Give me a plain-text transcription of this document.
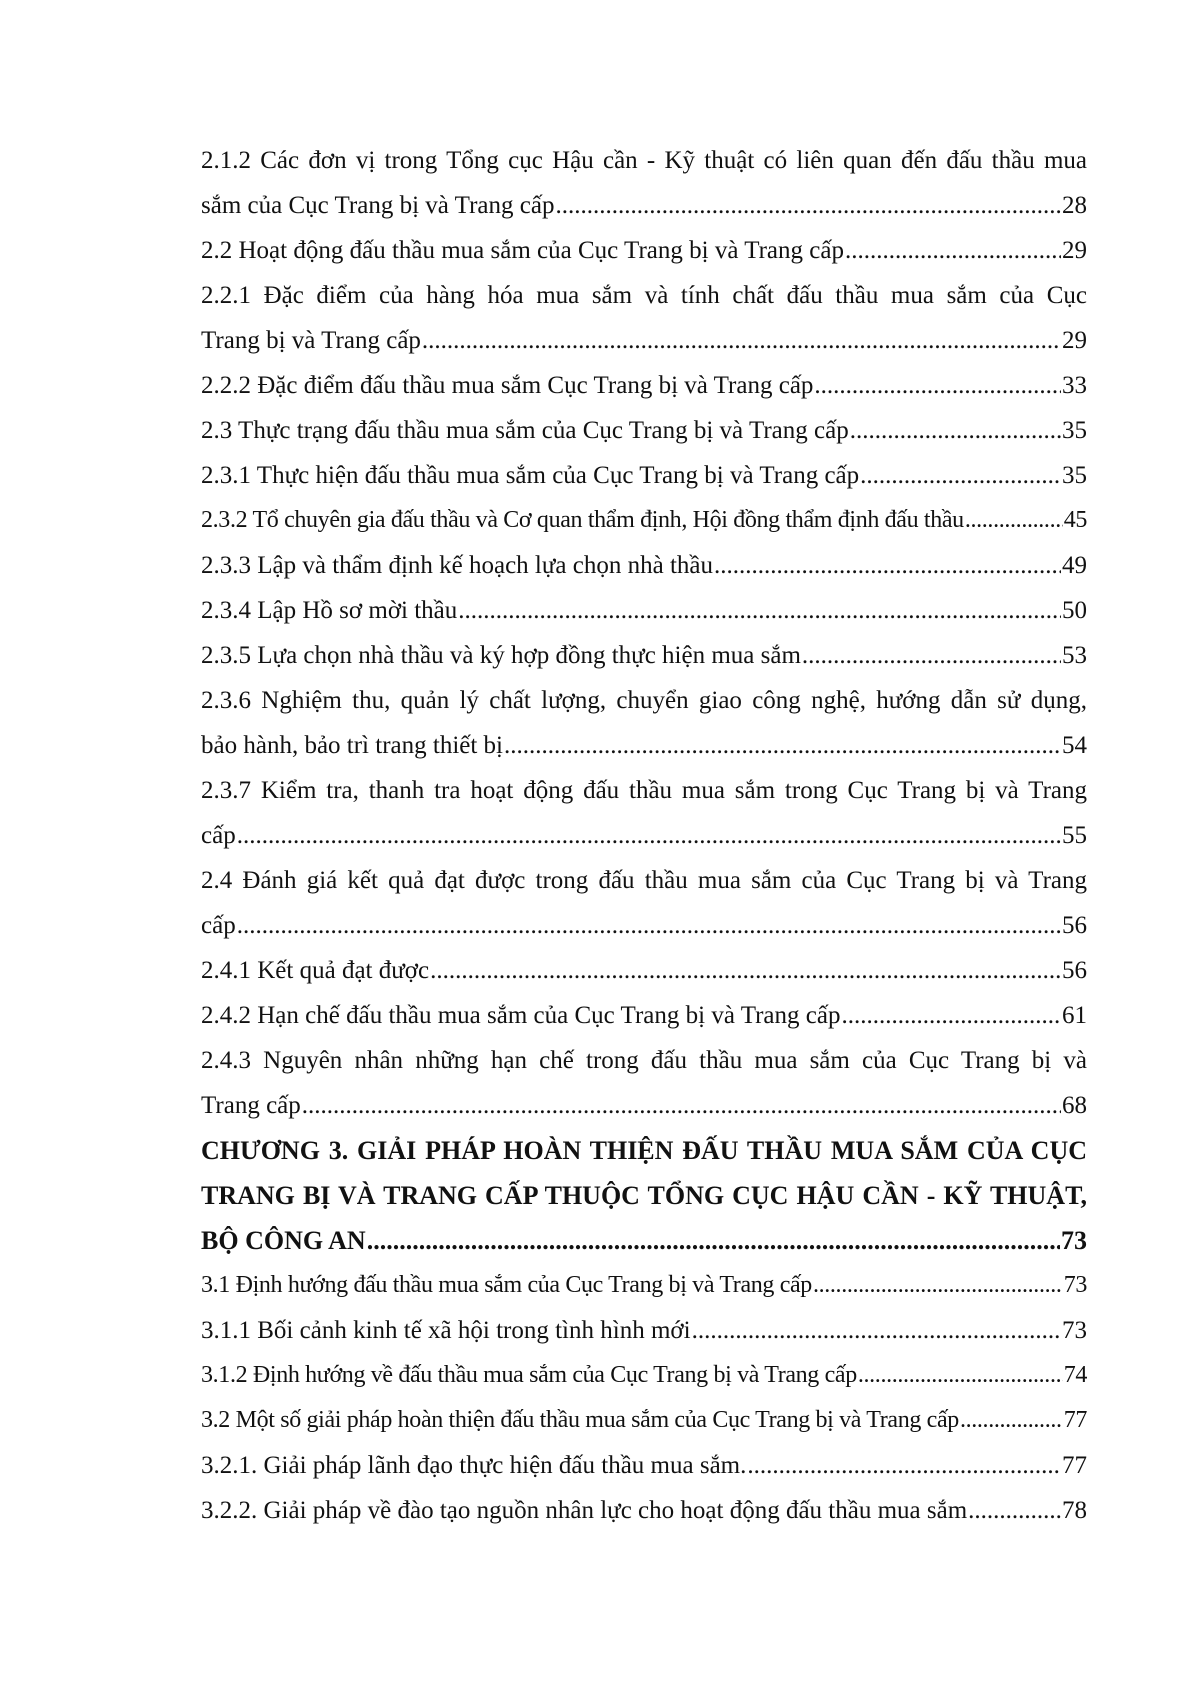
2.1.2 Các đơn vị trong Tổng cục Hậu cần - Kỹ thuật có liên quan đến đấu thầu mua
sắm của Cục Trang bị và Trang cấp .....	28
2.2 Hoạt động đấu thầu mua sắm của Cục Trang bị và Trang cấp .....	29
2.2.1 Đặc điểm của hàng hóa mua sắm và tính chất đấu thầu mua sắm của Cục
Trang bị và Trang cấp .....	29
2.2.2 Đặc điểm đấu thầu mua sắm Cục Trang bị và Trang cấp .....	33
2.3 Thực trạng đấu thầu mua sắm của Cục Trang bị và Trang cấp .....	35
2.3.1 Thực hiện đấu thầu mua sắm của Cục Trang bị và Trang cấp .....	35
2.3.2 Tổ chuyên gia đấu thầu và Cơ quan thẩm định, Hội đồng thẩm định đấu thầu .....	45
2.3.3 Lập và thẩm định kế hoạch lựa chọn nhà thầu .....	49
2.3.4 Lập Hồ sơ mời thầu .....	50
2.3.5 Lựa chọn nhà thầu và ký hợp đồng thực hiện mua sắm .....	53
2.3.6 Nghiệm thu, quản lý chất lượng, chuyển giao công nghệ, hướng dẫn sử dụng,
bảo hành, bảo trì trang thiết bị .....	54
2.3.7 Kiểm tra, thanh tra hoạt động đấu thầu mua sắm trong Cục Trang bị và Trang
cấp .....	55
2.4 Đánh giá kết quả đạt được trong đấu thầu mua sắm của Cục Trang bị và Trang
cấp .....	56
2.4.1 Kết quả đạt được .....	56
2.4.2 Hạn chế đấu thầu mua sắm của Cục Trang bị và Trang cấp .....	61
2.4.3 Nguyên nhân những hạn chế trong đấu thầu mua sắm của Cục Trang bị và
Trang cấp .....	68
CHƯƠNG 3. GIẢI PHÁP HOÀN THIỆN ĐẤU THẦU MUA SẮM CỦA CỤC
TRANG BỊ VÀ TRANG CẤP THUỘC TỔNG CỤC HẬU CẦN - KỸ THUẬT,
BỘ CÔNG AN .....	73
3.1 Định hướng đấu thầu mua sắm của Cục Trang bị và Trang cấp .....	73
3.1.1 Bối cảnh kinh tế xã hội trong tình hình mới .....	73
3.1.2 Định hướng về đấu thầu mua sắm của Cục Trang bị và Trang cấp .....	74
3.2 Một số giải pháp hoàn thiện đấu thầu mua sắm của Cục Trang bị và Trang cấp .....	77
3.2.1. Giải pháp lãnh đạo thực hiện đấu thầu mua sắm. .....	77
3.2.2. Giải pháp về đào tạo nguồn nhân lực cho hoạt động đấu thầu mua sắm .....	78
